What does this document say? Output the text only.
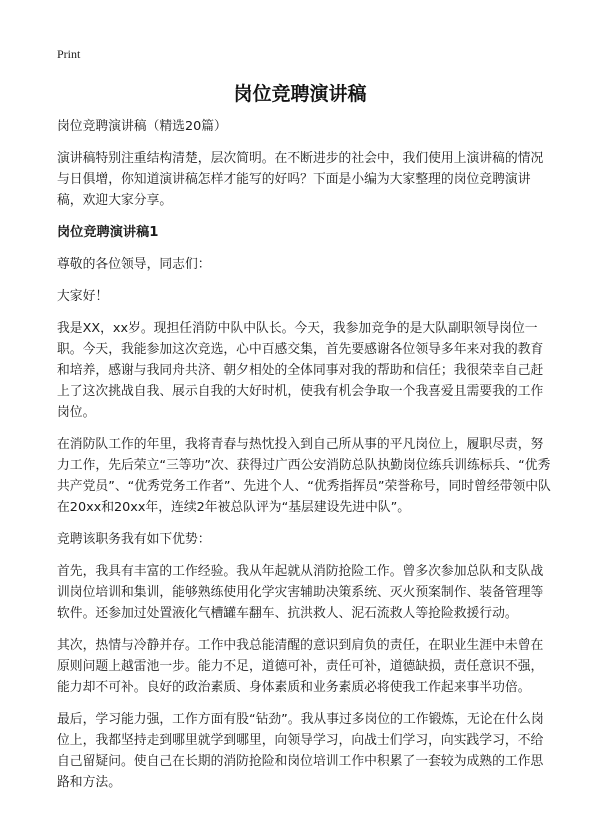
Print
岗位竞聘演讲稿

岗位竞聘演讲稿（精选20篇）

演讲稿特别注重结构清楚，层次简明。在不断进步的社会中，我们使用上演讲稿的情况与日俱增，你知道演讲稿怎样才能写的好吗？下面是小编为大家整理的岗位竞聘演讲稿，欢迎大家分享。

岗位竞聘演讲稿1

尊敬的各位领导，同志们：

大家好！

我是XX，xx岁。现担任消防中队中队长。今天，我参加竞争的是大队副职领导岗位一职。今天，我能参加这次竞选，心中百感交集，首先要感谢各位领导多年来对我的教育和培养，感谢与我同舟共济、朝夕相处的全体同事对我的帮助和信任；我很荣幸自己赶上了这次挑战自我、展示自我的大好时机，使我有机会争取一个我喜爱且需要我的工作岗位。

在消防队工作的年里，我将青春与热忱投入到自己所从事的平凡岗位上，履职尽责，努力工作，先后荣立“三等功”次、获得过广西公安消防总队执勤岗位练兵训练标兵、“优秀共产党员”、“优秀党务工作者”、先进个人、“优秀指挥员”荣誉称号，同时曾经带领中队在20xx和20xx年，连续2年被总队评为“基层建设先进中队”。

竞聘该职务我有如下优势：

首先，我具有丰富的工作经验。我从年起就从消防抢险工作。曾多次参加总队和支队战训岗位培训和集训，能够熟练使用化学灾害辅助决策系统、灭火预案制作、装备管理等软件。还参加过处置液化气槽罐车翻车、抗洪救人、泥石流救人等抢险救援行动。

其次，热情与冷静并存。工作中我总能清醒的意识到肩负的责任，在职业生涯中未曾在原则问题上越雷池一步。能力不足，道德可补，责任可补，道德缺损，责任意识不强，能力却不可补。良好的政治素质、身体素质和业务素质必将使我工作起来事半功倍。

最后，学习能力强，工作方面有股“钻劲”。我从事过多岗位的工作锻炼，无论在什么岗位上，我都坚持走到哪里就学到哪里，向领导学习，向战士们学习，向实践学习，不给自己留疑问。使自己在长期的消防抢险和岗位培训工作中积累了一套较为成熟的工作思路和方法。
